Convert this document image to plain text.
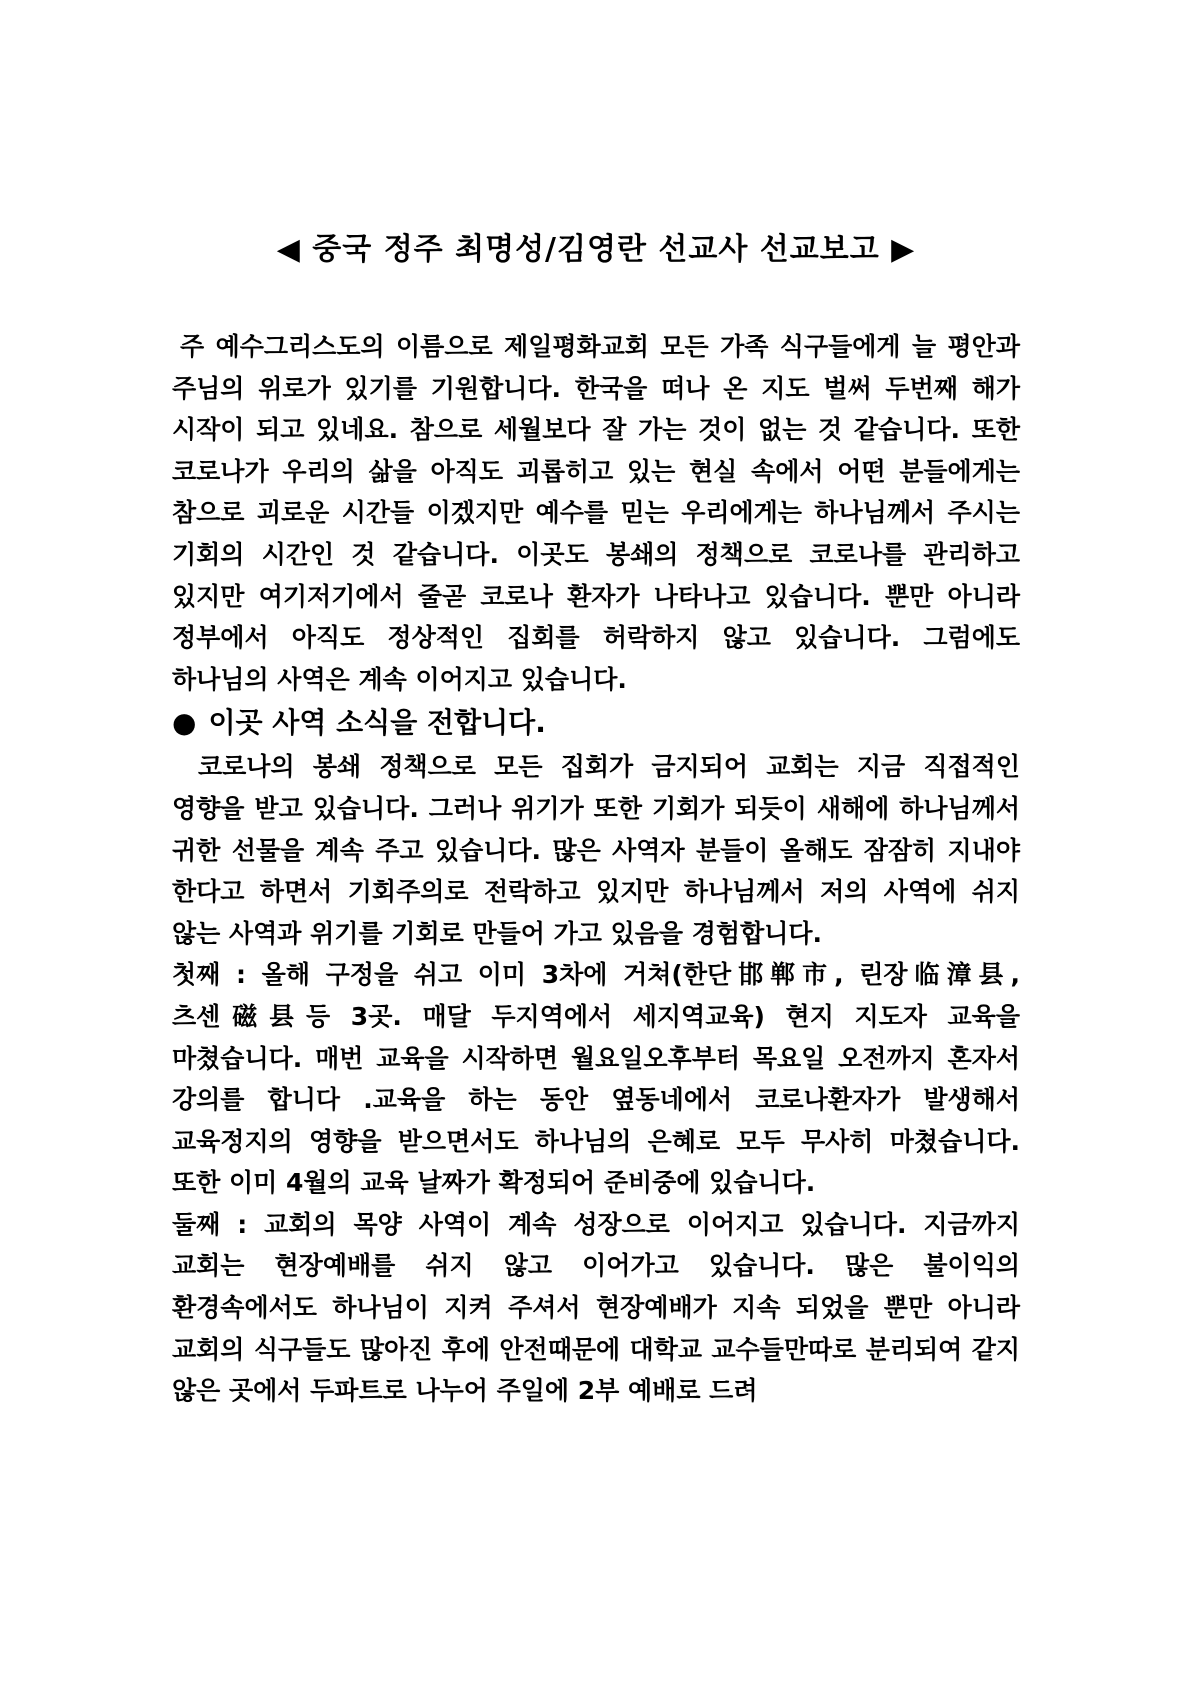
◀ 중국 정주 최명성/김영란 선교사 선교보고 ▶

주 예수그리스도의 이름으로 제일평화교회 모든 가족 식구들에게 늘 평안과 주님의 위로가 있기를 기원합니다. 한국을 떠나 온 지도 벌써 두번째 해가 시작이 되고 있네요. 참으로 세월보다 잘 가는 것이 없는 것 같습니다. 또한 코로나가 우리의 삶을 아직도 괴롭히고 있는 현실 속에서 어떤 분들에게는 참으로 괴로운 시간들 이겠지만 예수를 믿는 우리에게는 하나님께서 주시는 기회의 시간인 것 같습니다. 이곳도 봉쇄의 정책으로 코로나를 관리하고 있지만 여기저기에서 줄곧 코로나 환자가 나타나고 있습니다. 뿐만 아니라 정부에서 아직도 정상적인 집회를 허락하지 않고 있습니다. 그럼에도 하나님의 사역은 계속 이어지고 있습니다.

● 이곳 사역 소식을 전합니다.

코로나의 봉쇄 정책으로 모든 집회가 금지되어 교회는 지금 직접적인 영향을 받고 있습니다. 그러나 위기가 또한 기회가 되듯이 새해에 하나님께서 귀한 선물을 계속 주고 있습니다. 많은 사역자 분들이 올해도 잠잠히 지내야 한다고 하면서 기회주의로 전락하고 있지만 하나님께서 저의 사역에 쉬지 않는 사역과 위기를 기회로 만들어 가고 있음을 경험합니다.

첫째 : 올해 구정을 쉬고 이미 3차에 거쳐(한단邯郸市, 린장临漳县, 츠센磁县등 3곳. 매달 두지역에서 세지역교육) 현지 지도자 교육을 마쳤습니다. 매번 교육을 시작하면 월요일오후부터 목요일 오전까지 혼자서 강의를 합니다 .교육을 하는 동안 옆동네에서 코로나환자가 발생해서 교육정지의 영향을 받으면서도 하나님의 은혜로 모두 무사히 마쳤습니다. 또한 이미 4월의 교육 날짜가 확정되어 준비중에 있습니다.

둘째 : 교회의 목양 사역이 계속 성장으로 이어지고 있습니다. 지금까지 교회는 현장예배를 쉬지 않고 이어가고 있습니다. 많은 불이익의 환경속에서도 하나님이 지켜 주셔서 현장예배가 지속 되었을 뿐만 아니라 교회의 식구들도 많아진 후에 안전때문에 대학교 교수들만따로 분리되여 같지 않은 곳에서 두파트로 나누어 주일에 2부 예배로 드려
